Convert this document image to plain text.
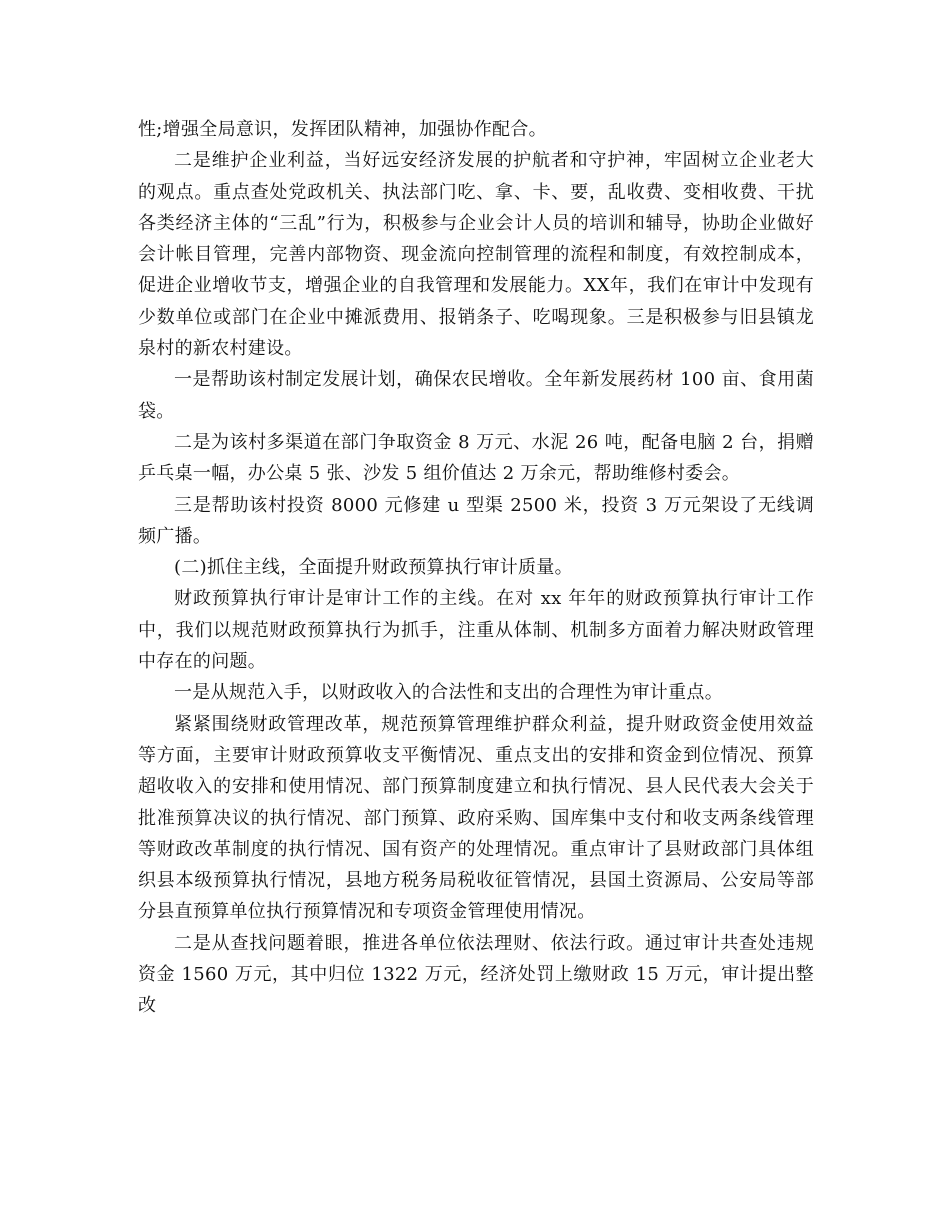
性;增强全局意识，发挥团队精神，加强协作配合。

二是维护企业利益，当好远安经济发展的护航者和守护神，牢固树立企业老大的观点。重点查处党政机关、执法部门吃、拿、卡、要，乱收费、变相收费、干扰各类经济主体的“三乱”行为，积极参与企业会计人员的培训和辅导，协助企业做好会计帐目管理，完善内部物资、现金流向控制管理的流程和制度，有效控制成本，促进企业增收节支，增强企业的自我管理和发展能力。XX年，我们在审计中发现有少数单位或部门在企业中摊派费用、报销条子、吃喝现象。三是积极参与旧县镇龙泉村的新农村建设。

一是帮助该村制定发展计划，确保农民增收。全年新发展药材 100 亩、食用菌袋。

二是为该村多渠道在部门争取资金 8 万元、水泥 26 吨，配备电脑 2 台，捐赠乒乓桌一幅，办公桌 5 张、沙发 5 组价值达 2 万余元，帮助维修村委会。

三是帮助该村投资 8000 元修建 u 型渠 2500 米，投资 3 万元架设了无线调频广播。

(二)抓住主线，全面提升财政预算执行审计质量。

财政预算执行审计是审计工作的主线。在对 xx 年年的财政预算执行审计工作中，我们以规范财政预算执行为抓手，注重从体制、机制多方面着力解决财政管理中存在的问题。

一是从规范入手，以财政收入的合法性和支出的合理性为审计重点。

紧紧围绕财政管理改革，规范预算管理维护群众利益，提升财政资金使用效益等方面，主要审计财政预算收支平衡情况、重点支出的安排和资金到位情况、预算超收收入的安排和使用情况、部门预算制度建立和执行情况、县人民代表大会关于批准预算决议的执行情况、部门预算、政府采购、国库集中支付和收支两条线管理等财政改革制度的执行情况、国有资产的处理情况。重点审计了县财政部门具体组织县本级预算执行情况，县地方税务局税收征管情况，县国土资源局、公安局等部分县直预算单位执行预算情况和专项资金管理使用情况。

二是从查找问题着眼，推进各单位依法理财、依法行政。通过审计共查处违规资金 1560 万元，其中归位 1322 万元，经济处罚上缴财政 15 万元，审计提出整改
